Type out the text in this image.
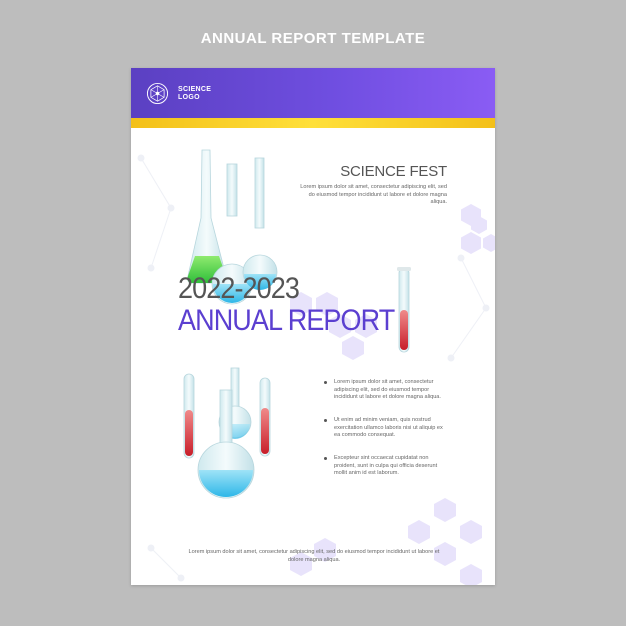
ANNUAL REPORT TEMPLATE
SCIENCE
LOGO
SCIENCE FEST
Lorem ipsum dolor sit amet, consectetur adipiscing elit, sed do eiusmod tempor incididunt ut labore et dolore magna aliqua.
2022-2023
ANNUAL REPORT
Lorem ipsum dolor sit amet, consectetur adipiscing elit, sed do eiusmod tempor incididunt ut labore et dolore magna aliqua.
Ut enim ad minim veniam, quis nostrud exercitation ullamco laboris nisi ut aliquip ex ea commodo consequat.
Excepteur sint occaecat cupidatat non proident, sunt in culpa qui officia deserunt mollit anim id est laborum.
Lorem ipsum dolor sit amet, consectetur adipiscing elit, sed do eiusmod tempor incididunt ut labore et dolore magna aliqua.
